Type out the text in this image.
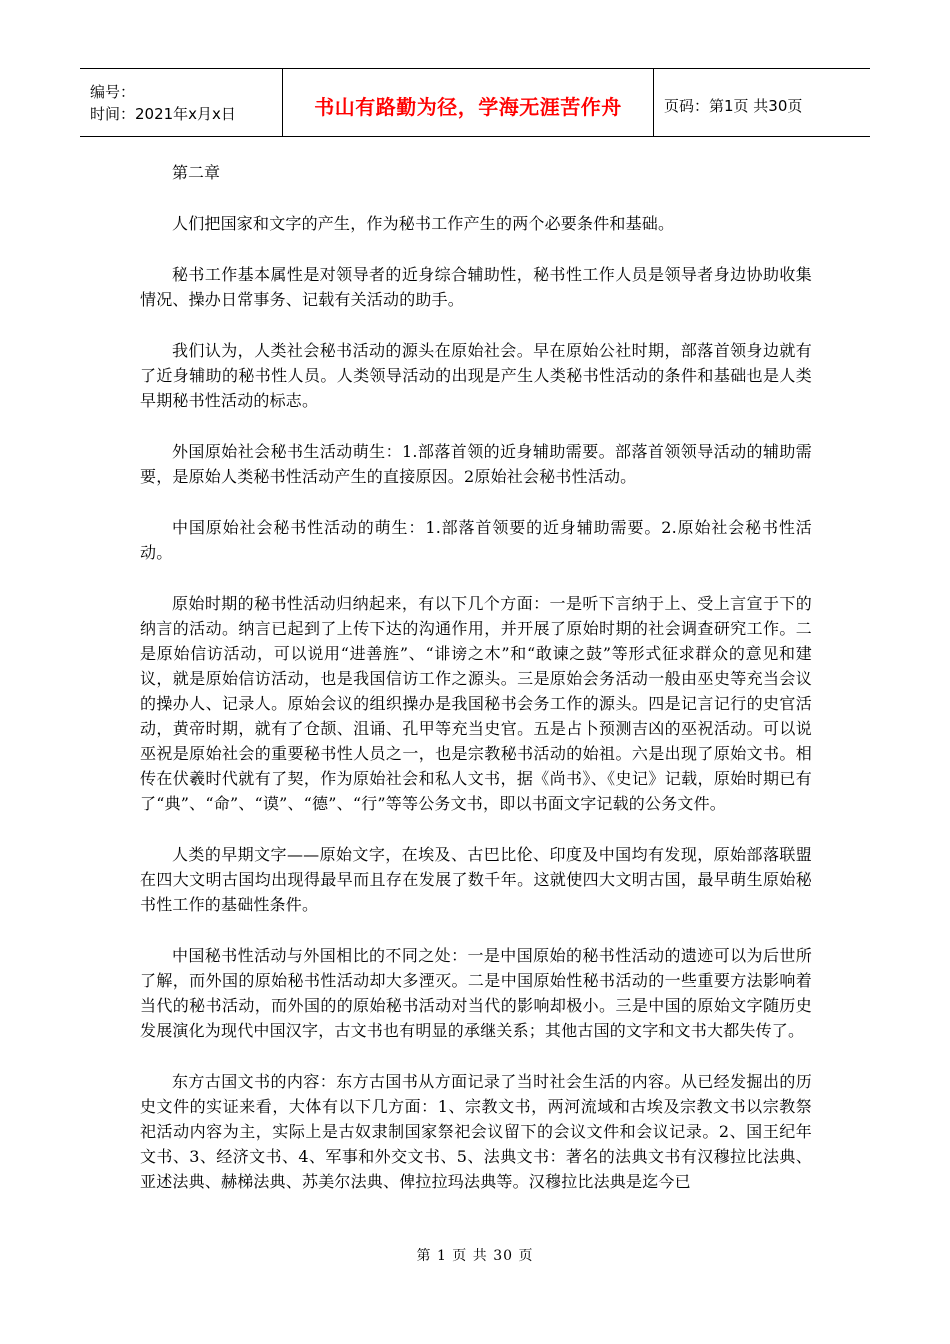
编号：
时间：2021年x月x日	书山有路勤为径，学海无涯苦作舟	页码：第1页 共30页

第二章

人们把国家和文字的产生，作为秘书工作产生的两个必要条件和基础。

秘书工作基本属性是对领导者的近身综合辅助性，秘书性工作人员是领导者身边协助收集情况、操办日常事务、记载有关活动的助手。

我们认为，人类社会秘书活动的源头在原始社会。早在原始公社时期，部落首领身边就有了近身辅助的秘书性人员。人类领导活动的出现是产生人类秘书性活动的条件和基础也是人类早期秘书性活动的标志。

外国原始社会秘书生活动萌生：1.部落首领的近身辅助需要。部落首领领导活动的辅助需要，是原始人类秘书性活动产生的直接原因。2原始社会秘书性活动。

中国原始社会秘书性活动的萌生：1.部落首领要的近身辅助需要。2.原始社会秘书性活动。

原始时期的秘书性活动归纳起来，有以下几个方面：一是听下言纳于上、受上言宣于下的纳言的活动。纳言已起到了上传下达的沟通作用，并开展了原始时期的社会调查研究工作。二是原始信访活动，可以说用“进善旌”、“诽谤之木”和“敢谏之鼓”等形式征求群众的意见和建议，就是原始信访活动，也是我国信访工作之源头。三是原始会务活动一般由巫史等充当会议的操办人、记录人。原始会议的组织操办是我国秘书会务工作的源头。四是记言记行的史官活动，黄帝时期，就有了仓颉、沮诵、孔甲等充当史官。五是占卜预测吉凶的巫祝活动。可以说巫祝是原始社会的重要秘书性人员之一，也是宗教秘书活动的始祖。六是出现了原始文书。相传在伏羲时代就有了契，作为原始社会和私人文书，据《尚书》、《史记》记载，原始时期已有了“典”、“命”、“谟”、“德”、“行”等等公务文书，即以书面文字记载的公务文件。

人类的早期文字——原始文字，在埃及、古巴比伦、印度及中国均有发现，原始部落联盟在四大文明古国均出现得最早而且存在发展了数千年。这就使四大文明古国，最早萌生原始秘书性工作的基础性条件。

中国秘书性活动与外国相比的不同之处：一是中国原始的秘书性活动的遗迹可以为后世所了解，而外国的原始秘书性活动却大多湮灭。二是中国原始性秘书活动的一些重要方法影响着当代的秘书活动，而外国的的原始秘书活动对当代的影响却极小。三是中国的原始文字随历史发展演化为现代中国汉字，古文书也有明显的承继关系；其他古国的文字和文书大都失传了。

东方古国文书的内容：东方古国书从方面记录了当时社会生活的内容。从已经发掘出的历史文件的实证来看，大体有以下几方面：1、宗教文书，两河流域和古埃及宗教文书以宗教祭祀活动内容为主，实际上是古奴隶制国家祭祀会议留下的会议文件和会议记录。2、国王纪年文书、3、经济文书、4、军事和外交文书、5、法典文书：著名的法典文书有汉穆拉比法典、亚述法典、赫梯法典、苏美尔法典、俾拉拉玛法典等。汉穆拉比法典是迄今已

第 1 页 共 30 页
